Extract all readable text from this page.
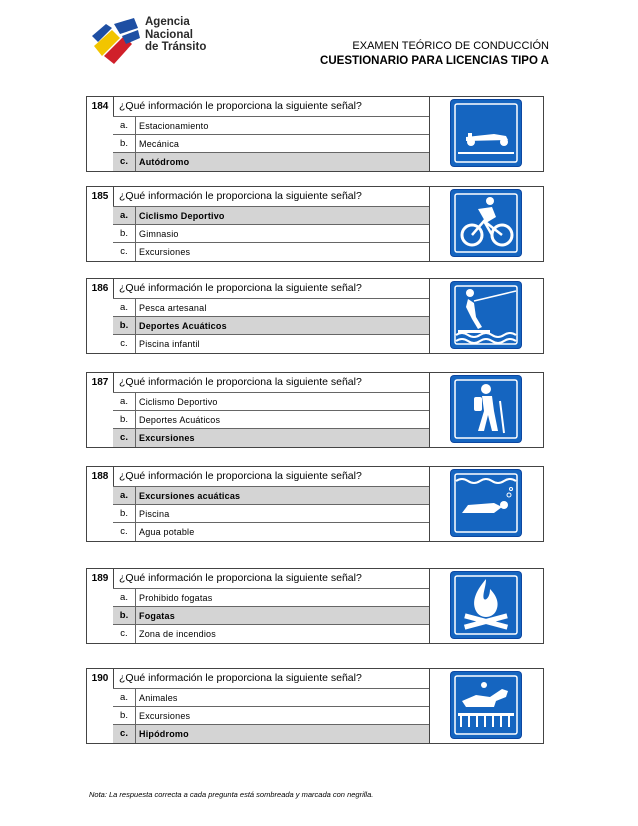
Agencia
Nacional
de Tránsito	EXAMEN TEÓRICO DE CONDUCCIÓN
CUESTIONARIO PARA LICENCIAS TIPO A
184	¿Qué información le proporciona la siguiente señal?
a.	Estacionamiento
b.	Mecánica
c.	Autódromo
185	¿Qué información le proporciona la siguiente señal?
a.	Ciclismo Deportivo
b.	Gimnasio
c.	Excursiones
186	¿Qué información le proporciona la siguiente señal?
a.	Pesca artesanal
b.	Deportes Acuáticos
c.	Piscina infantil
187	¿Qué información le proporciona la siguiente señal?
a.	Ciclismo Deportivo
b.	Deportes Acuáticos
c.	Excursiones
188	¿Qué información le proporciona la siguiente señal?
a.	Excursiones acuáticas
b.	Piscina
c.	Agua potable
189	¿Qué información le proporciona la siguiente señal?
a.	Prohibido fogatas
b.	Fogatas
c.	Zona de incendios
190	¿Qué información le proporciona la siguiente señal?
a.	Animales
b.	Excursiones
c.	Hipódromo
Nota: La respuesta correcta a cada pregunta está sombreada y marcada con negrilla.
